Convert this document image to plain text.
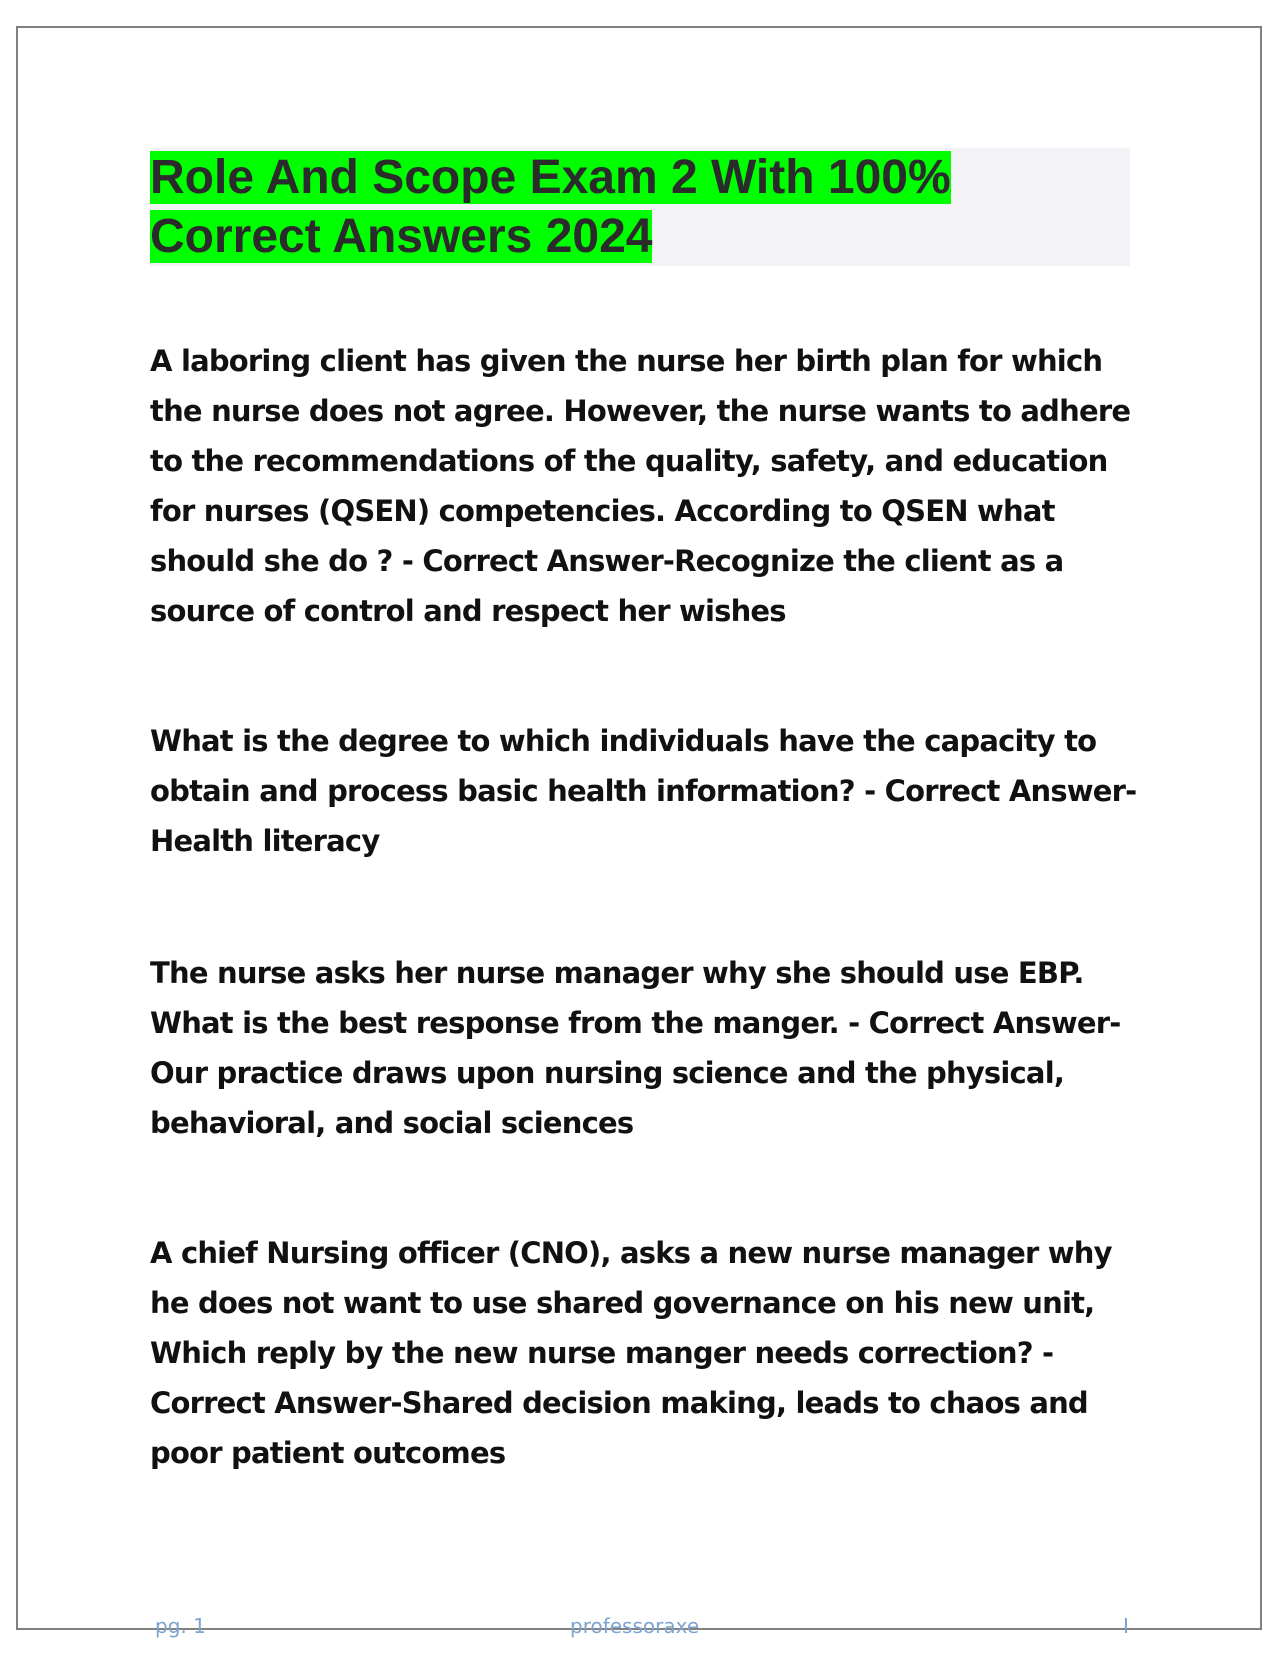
Role And Scope Exam 2 With 100%
Correct Answers 2024

A laboring client has given the nurse her birth plan for which the nurse does not agree. However, the nurse wants to adhere to the recommendations of the quality, safety, and education for nurses (QSEN) competencies. According to QSEN what should she do ? - Correct Answer-Recognize the client as a source of control and respect her wishes

What is the degree to which individuals have the capacity to obtain and process basic health information? - Correct Answer-Health literacy

The nurse asks her nurse manager why she should use EBP. What is the best response from the manger. - Correct Answer-Our practice draws upon nursing science and the physical, behavioral, and social sciences

A chief Nursing officer (CNO), asks a new nurse manager why he does not want to use shared governance on his new unit, Which reply by the new nurse manger needs correction? - Correct Answer-Shared decision making, leads to chaos and poor patient outcomes

pg. 1	professoraxe	I
